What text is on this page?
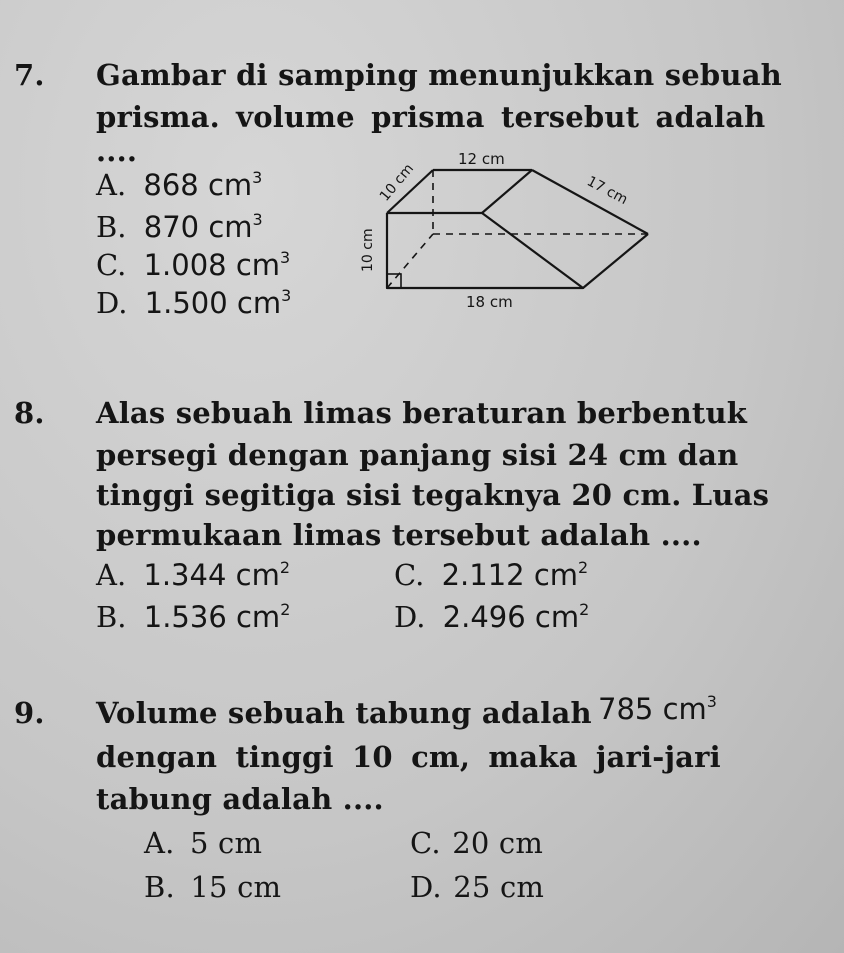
7. Gambar di samping menunjukkan sebuah
prisma. volume prisma tersebut adalah
....
A. 868 $cm^3$
B. 870 $cm^3$
C. 1.008 $cm^3$
D. 1.500 $cm^3$
12 cm
10 cm	17 cm
10 cm
18 cm
8. Alas sebuah limas beraturan berbentuk
persegi dengan panjang sisi 24 cm dan
tinggi segitiga sisi tegaknya 20 cm. Luas
permukaan limas tersebut adalah ....
A. 1.344 $cm^2$
B. 1.536 $cm^2$
C. 2.112 $cm^2$
D. 2.496 $cm^2$
9. Volume sebuah tabung adalah 785 $cm^3$
dengan tinggi 10 cm, maka jari-jari
tabung adalah ....
A. 5 cm
B. 15 cm
C. 20 cm
D. 25 cm
